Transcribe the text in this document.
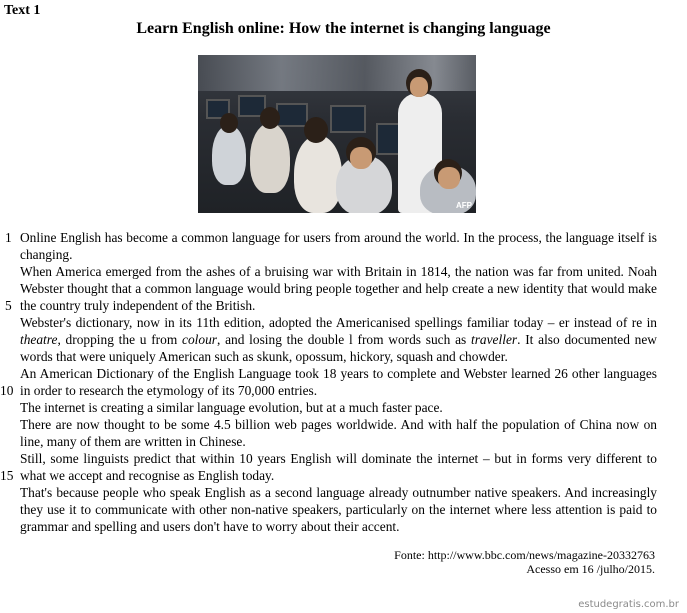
Text 1
Learn English online: How the internet is changing language
AFP
1
5
10
15

Online English has become a common language for users from around the world. In the process, the language itself is changing.

When America emerged from the ashes of a bruising war with Britain in 1814, the nation was far from united. Noah Webster thought that a common language would bring people together and help create a new identity that would make the country truly independent of the British.

Webster's dictionary, now in its 11th edition, adopted the Americanised spellings familiar today – er instead of re in theatre, dropping the u from colour, and losing the double l from words such as traveller. It also documented new words that were uniquely American such as skunk, opossum, hickory, squash and chowder.

An American Dictionary of the English Language took 18 years to complete and Webster learned 26 other languages in order to research the etymology of its 70,000 entries.

The internet is creating a similar language evolution, but at a much faster pace.

There are now thought to be some 4.5 billion web pages worldwide. And with half the population of China now on line, many of them are written in Chinese.

Still, some linguists predict that within 10 years English will dominate the internet – but in forms very different to what we accept and recognise as English today.

That's because people who speak English as a second language already outnumber native speakers. And increasingly they use it to communicate with other non-native speakers, particularly on the internet where less attention is paid to grammar and spelling and users don't have to worry about their accent.

Fonte: http://www.bbc.com/news/magazine-20332763
Acesso em 16 /julho/2015.
estudegratis.com.br
